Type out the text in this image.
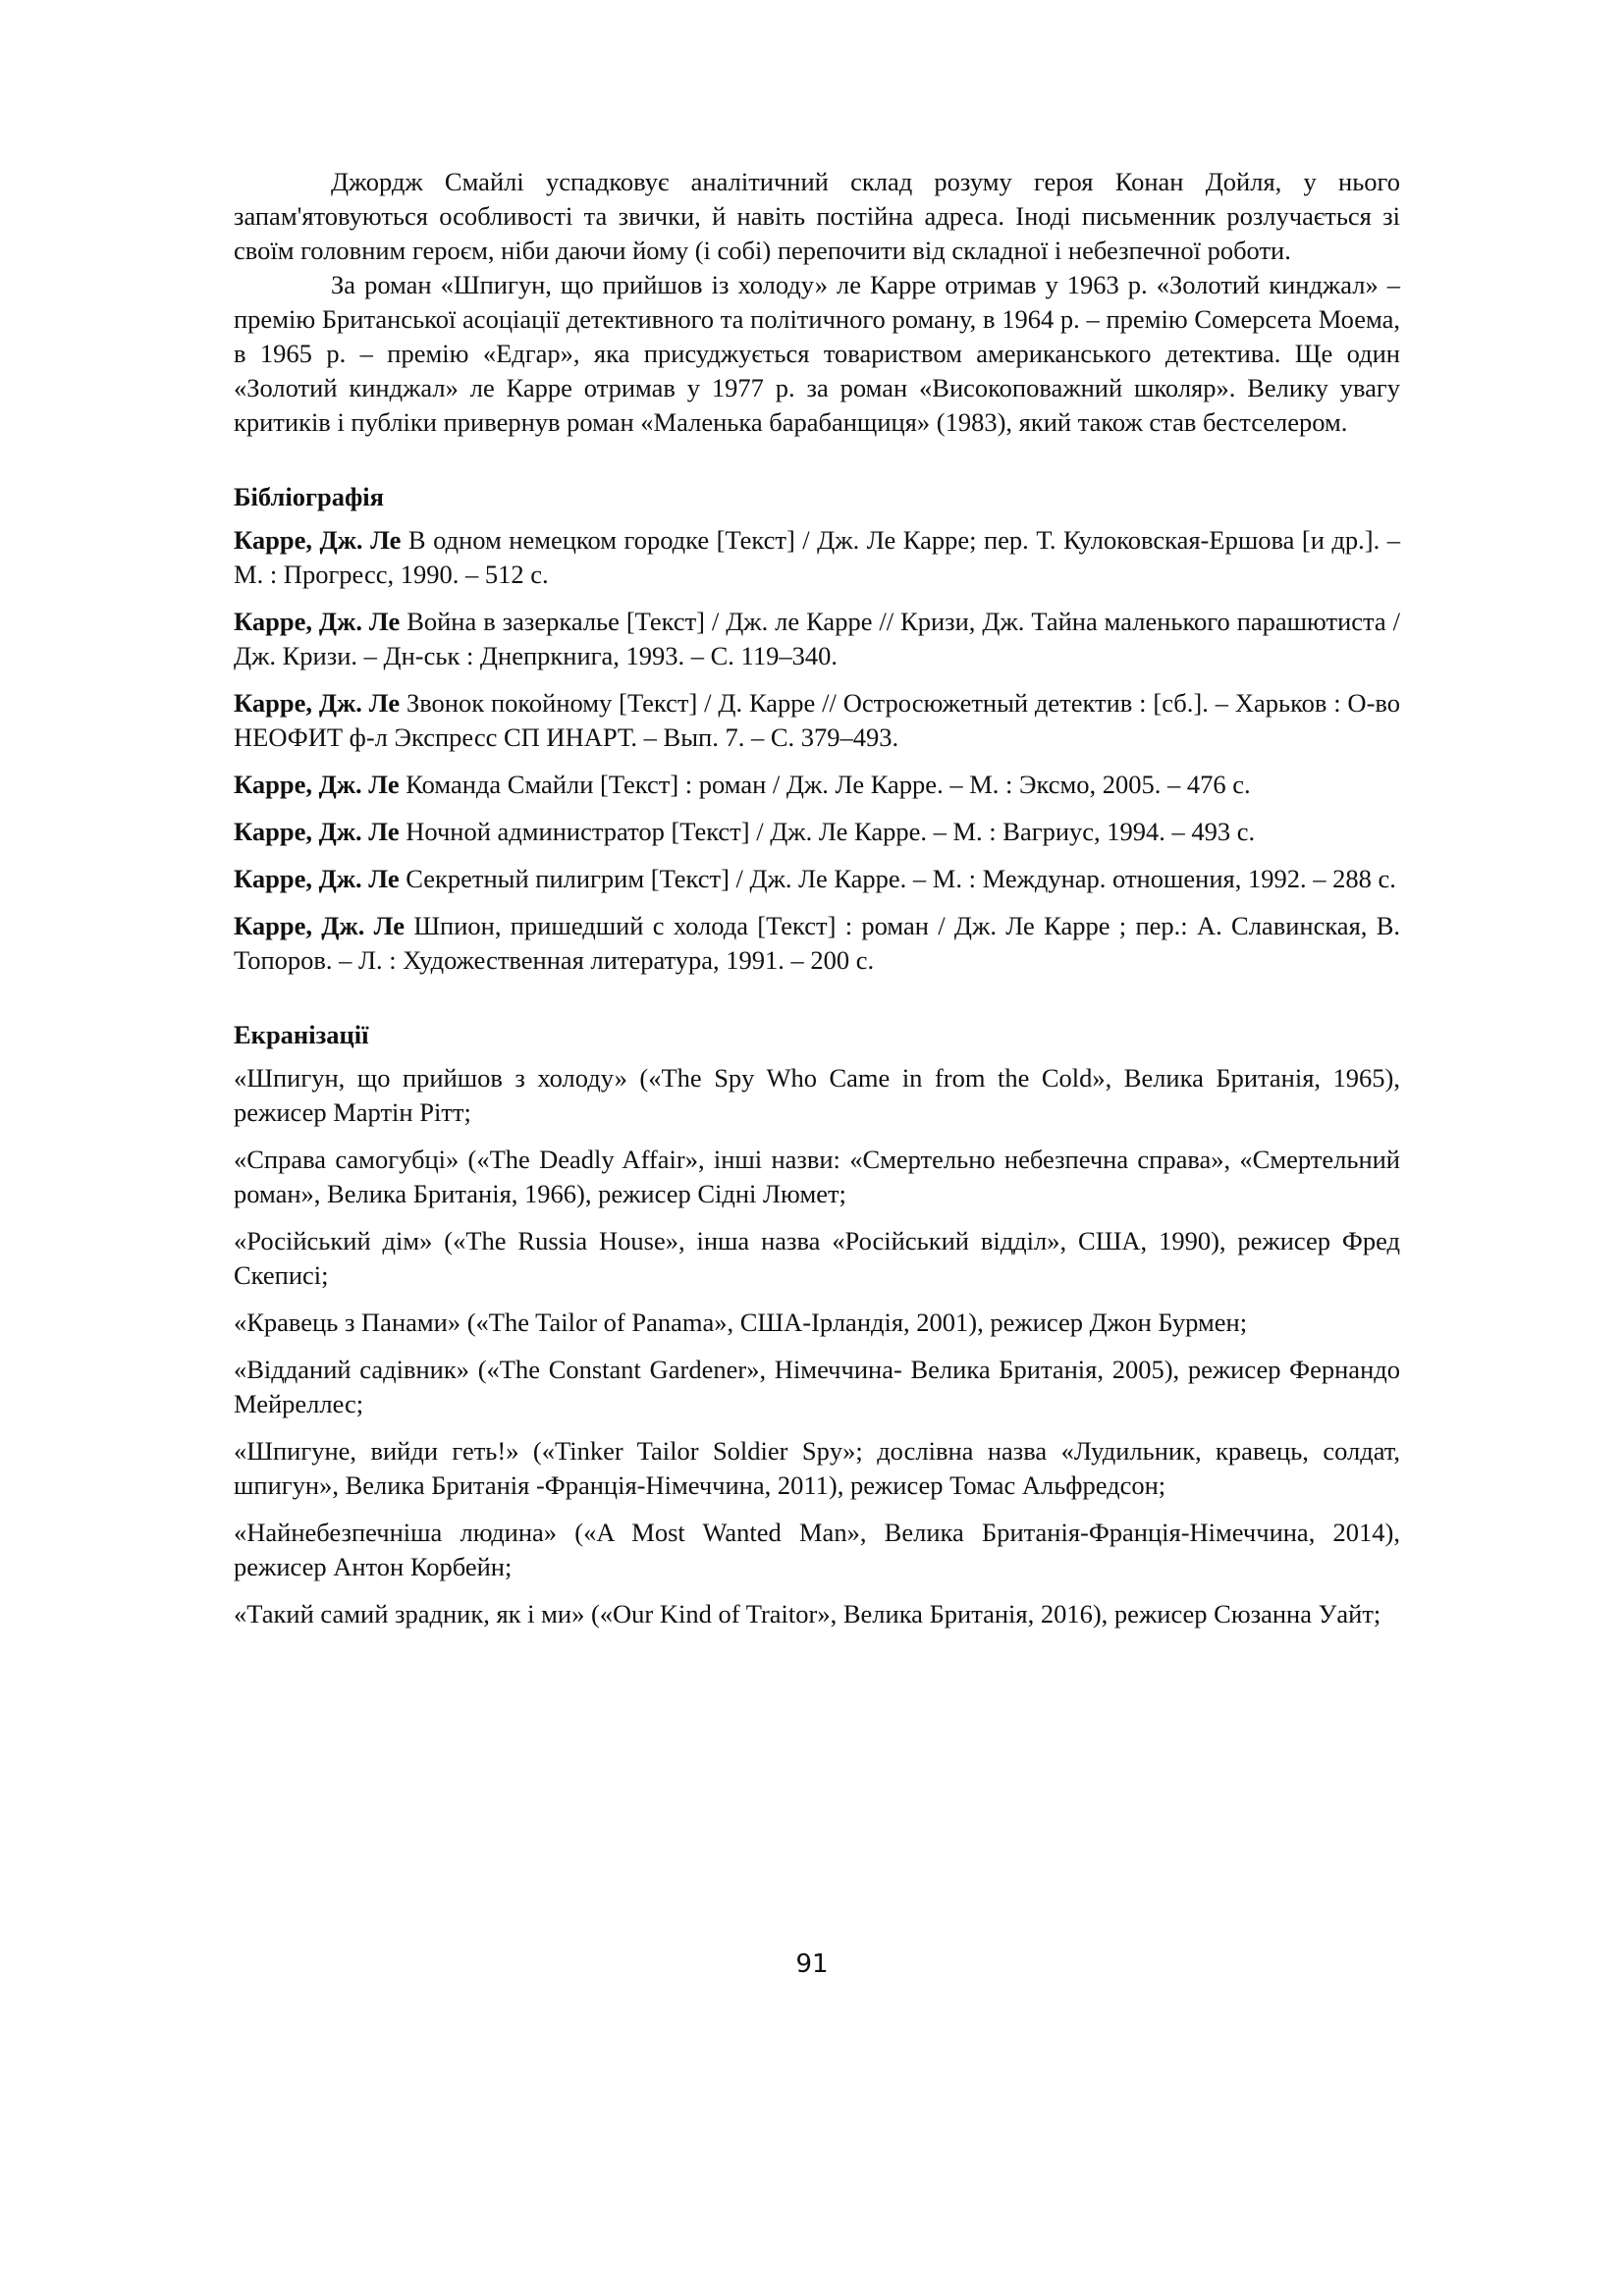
Джордж Смайлі успадковує аналітичний склад розуму героя Конан Дойля, у нього запам'ятовуються особливості та звички, й навіть постійна адреса. Іноді письменник розлучається зі своїм головним героєм, ніби даючи йому (і собі) перепочити від складної і небезпечної роботи.

За роман «Шпигун, що прийшов із холоду» ле Карре отримав у 1963 р. «Золотий кинджал» – премію Британської асоціації детективного та політичного роману, в 1964 р. – премію Сомерсета Моема, в 1965 р. – премію «Едгар», яка присуджується товариством американського детектива. Ще один «Золотий кинджал» ле Карре отримав у 1977 р. за роман «Високоповажний школяр». Велику увагу критиків і публіки привернув роман «Маленька барабанщиця» (1983), який також став бестселером.

Бібліографія

Карре, Дж. Ле В одном немецком городке [Текст] / Дж. Ле Карре; пер. Т. Кулоковская-Ершова [и др.]. – М. : Прогресс, 1990. – 512 с.

Карре, Дж. Ле Война в зазеркалье [Текст] / Дж. ле Карре // Кризи, Дж. Тайна маленького парашютиста / Дж. Кризи. – Дн-ськ : Днепркнига, 1993. – С. 119–340.

Карре, Дж. Ле Звонок покойному [Текст] / Д. Карре // Остросюжетный детектив : [сб.]. – Харьков : О-во НЕОФИТ ф-л Экспресс СП ИНАРТ. – Вып. 7. – С. 379–493.

Карре, Дж. Ле Команда Смайли [Текст] : роман / Дж. Ле Карре. – М. : Эксмо, 2005. – 476 с.

Карре, Дж. Ле Ночной администратор [Текст] / Дж. Ле Карре. – М. : Вагриус, 1994. – 493 с.

Карре, Дж. Ле Секретный пилигрим [Текст] / Дж. Ле Карре. – М. : Междунар. отношения, 1992. – 288 с.

Карре, Дж. Ле Шпион, пришедший с холода [Текст] : роман / Дж. Ле Карре ; пер.: А. Славинская, В. Топоров. – Л. : Художественная литература, 1991. – 200 с.

Екранізації

«Шпигун, що прийшов з холоду» («The Spy Who Came in from the Cold», Велика Британія, 1965), режисер Мартін Рітт;

«Справа самогубці» («The Deadly Affair», інші назви: «Смертельно небезпечна справа», «Смертельний роман», Велика Британія, 1966), режисер Сідні Люмет;

«Російський дім» («The Russia House», інша назва «Російський відділ», США, 1990), режисер Фред Скеписі;

«Кравець з Панами» («The Tailor of Panama», США-Ірландія, 2001), режисер Джон Бурмен;

«Відданий садівник» («The Constant Gardener», Німеччина- Велика Британія, 2005), режисер Фернандо Мейреллес;

«Шпигуне, вийди геть!» («Tinker Tailor Soldier Spy»; дослівна назва «Лудильник, кравець, солдат, шпигун», Велика Британія -Франція-Німеччина, 2011), режисер Томас Альфредсон;

«Найнебезпечніша людина» («A Most Wanted Man», Велика Британія-Франція-Німеччина, 2014), режисер Антон Корбейн;

«Такий самий зрадник, як і ми» («Our Kind of Traitor», Велика Британія, 2016), режисер Сюзанна Уайт;

91
